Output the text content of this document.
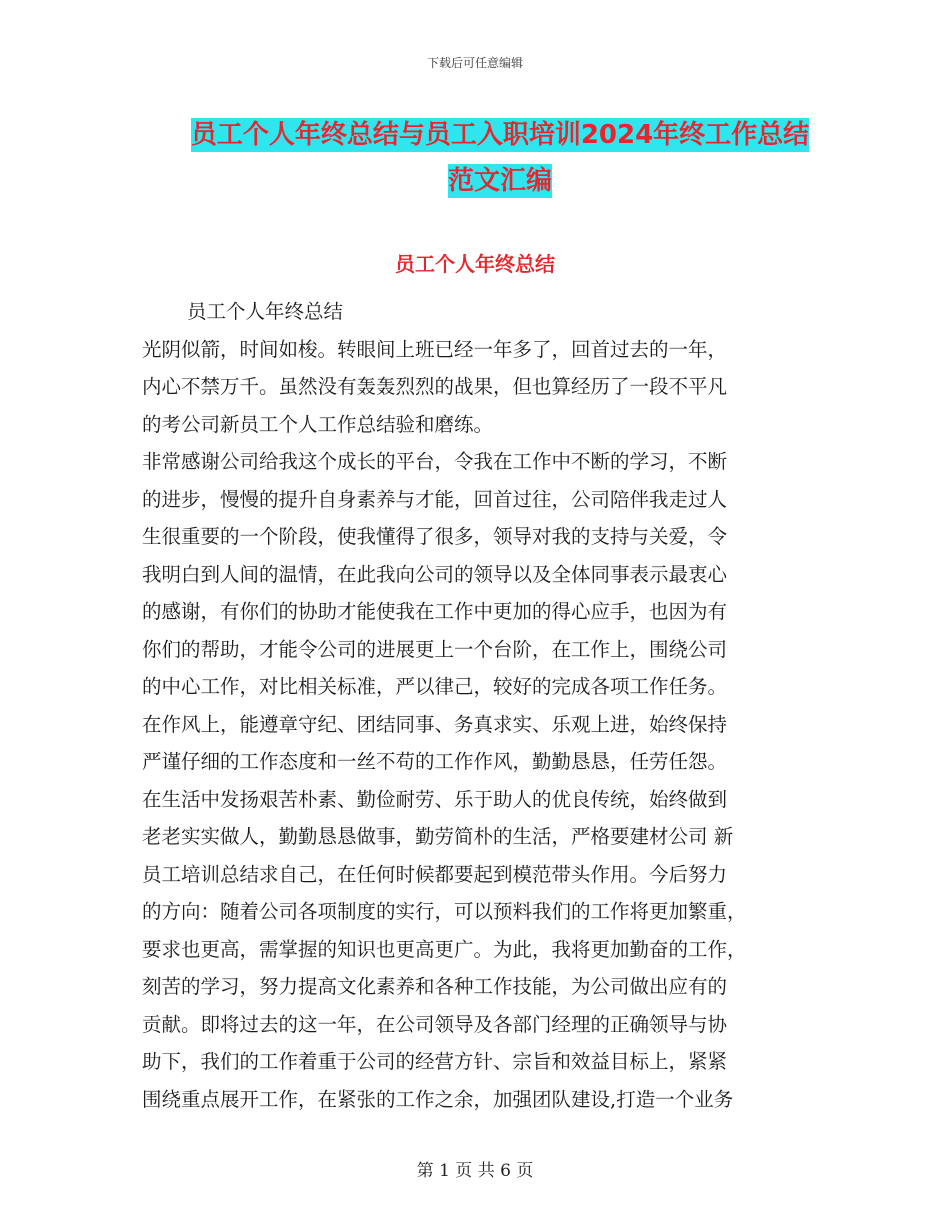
下载后可任意编辑
员工个人年终总结与员工入职培训2024年终工作总结
范文汇编
员工个人年终总结
员工个人年终总结
光阴似箭，时间如梭。转眼间上班已经一年多了，回首过去的一年，
内心不禁万千。虽然没有轰轰烈烈的战果，但也算经历了一段不平凡
的考公司新员工个人工作总结验和磨练。
非常感谢公司给我这个成长的平台，令我在工作中不断的学习，不断
的进步，慢慢的提升自身素养与才能，回首过往，公司陪伴我走过人
生很重要的一个阶段，使我懂得了很多，领导对我的支持与关爱，令
我明白到人间的温情，在此我向公司的领导以及全体同事表示最衷心
的感谢，有你们的协助才能使我在工作中更加的得心应手，也因为有
你们的帮助，才能令公司的进展更上一个台阶，在工作上，围绕公司
的中心工作，对比相关标准，严以律己，较好的完成各项工作任务。
在作风上，能遵章守纪、团结同事、务真求实、乐观上进，始终保持
严谨仔细的工作态度和一丝不苟的工作作风，勤勤恳恳，任劳任怨。
在生活中发扬艰苦朴素、勤俭耐劳、乐于助人的优良传统，始终做到
老老实实做人，勤勤恳恳做事，勤劳简朴的生活，严格要建材公司 新
员工培训总结求自己，在任何时候都要起到模范带头作用。今后努力
的方向：随着公司各项制度的实行，可以预料我们的工作将更加繁重，
要求也更高，需掌握的知识也更高更广。为此，我将更加勤奋的工作，
刻苦的学习，努力提高文化素养和各种工作技能，为公司做出应有的
贡献。即将过去的这一年，在公司领导及各部门经理的正确领导与协
助下，我们的工作着重于公司的经营方针、宗旨和效益目标上，紧紧
围绕重点展开工作，在紧张的工作之余，加强团队建设,打造一个业务
第 1 页 共 6 页
